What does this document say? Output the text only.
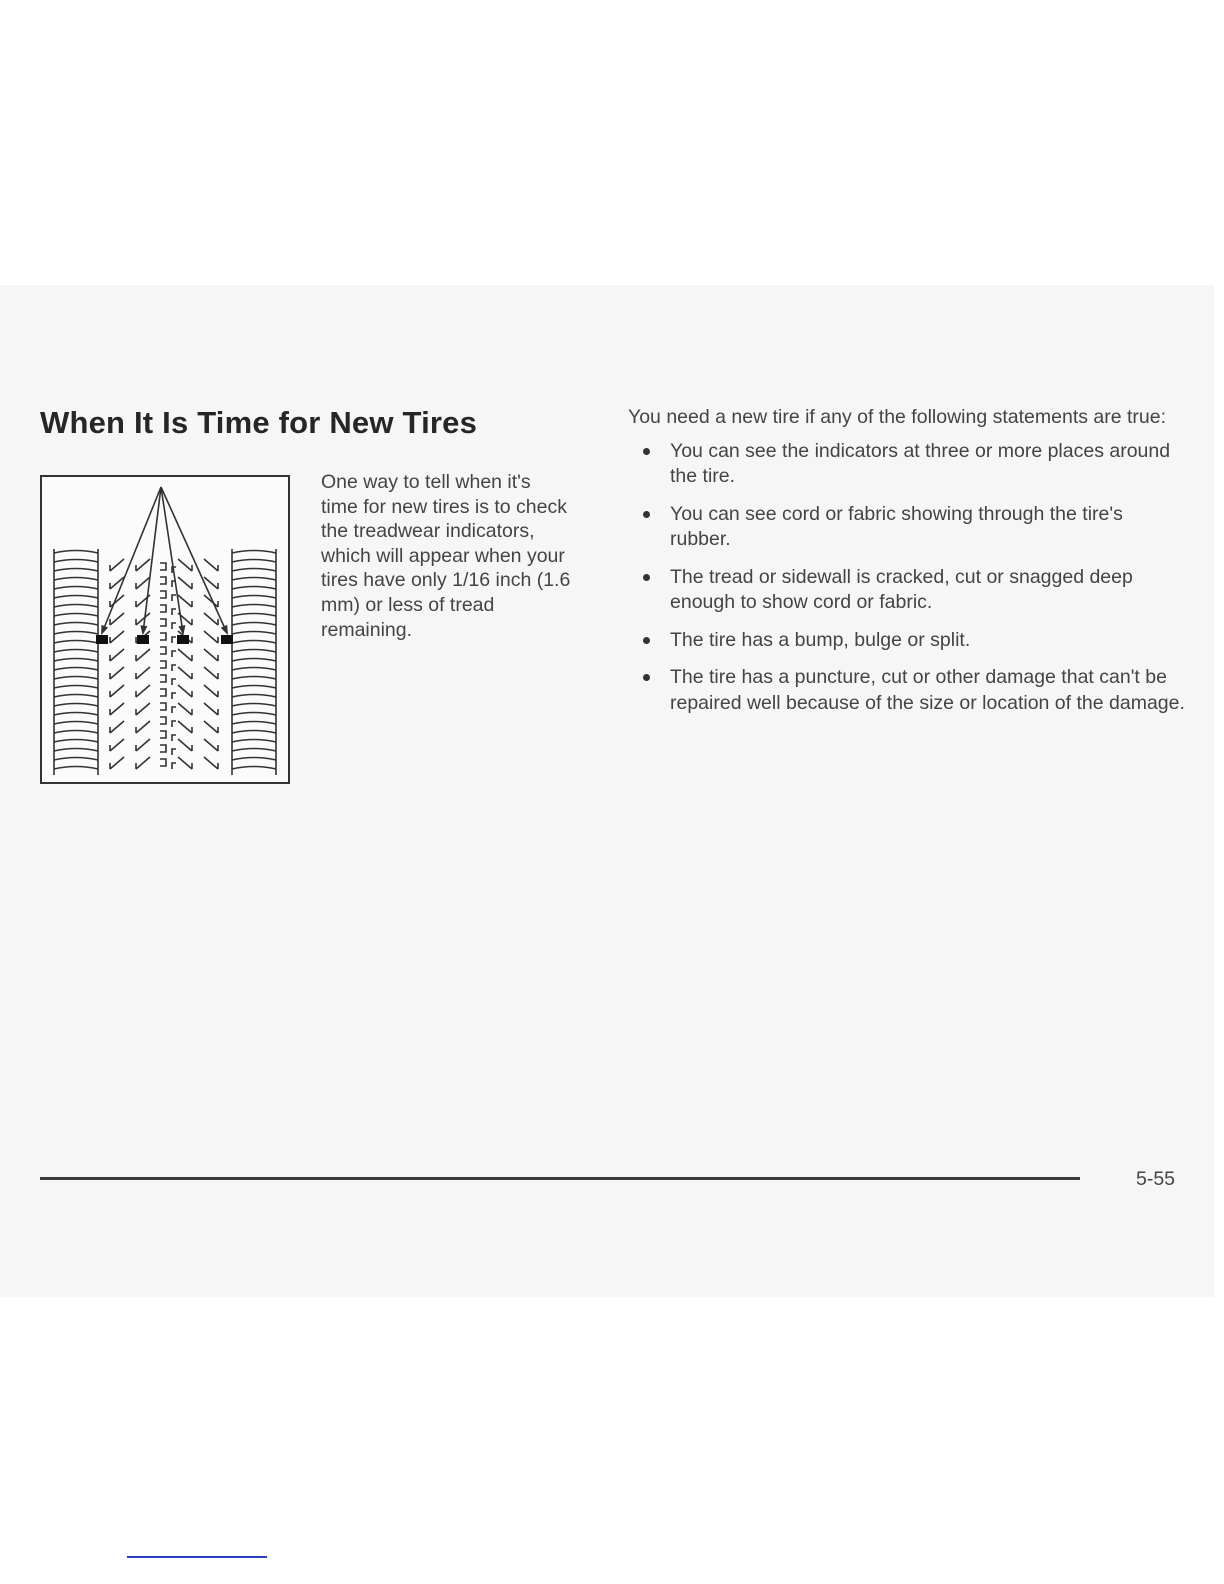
When It Is Time for New Tires

One way to tell when it's time for new tires is to check the treadwear indicators, which will appear when your tires have only 1/16 inch (1.6 mm) or less of tread remaining.

You need a new tire if any of the following statements are true:

You can see the indicators at three or more places around the tire.
You can see cord or fabric showing through the tire's rubber.
The tread or sidewall is cracked, cut or snagged deep enough to show cord or fabric.
The tire has a bump, bulge or split.
The tire has a puncture, cut or other damage that can't be repaired well because of the size or location of the damage.
5-55
